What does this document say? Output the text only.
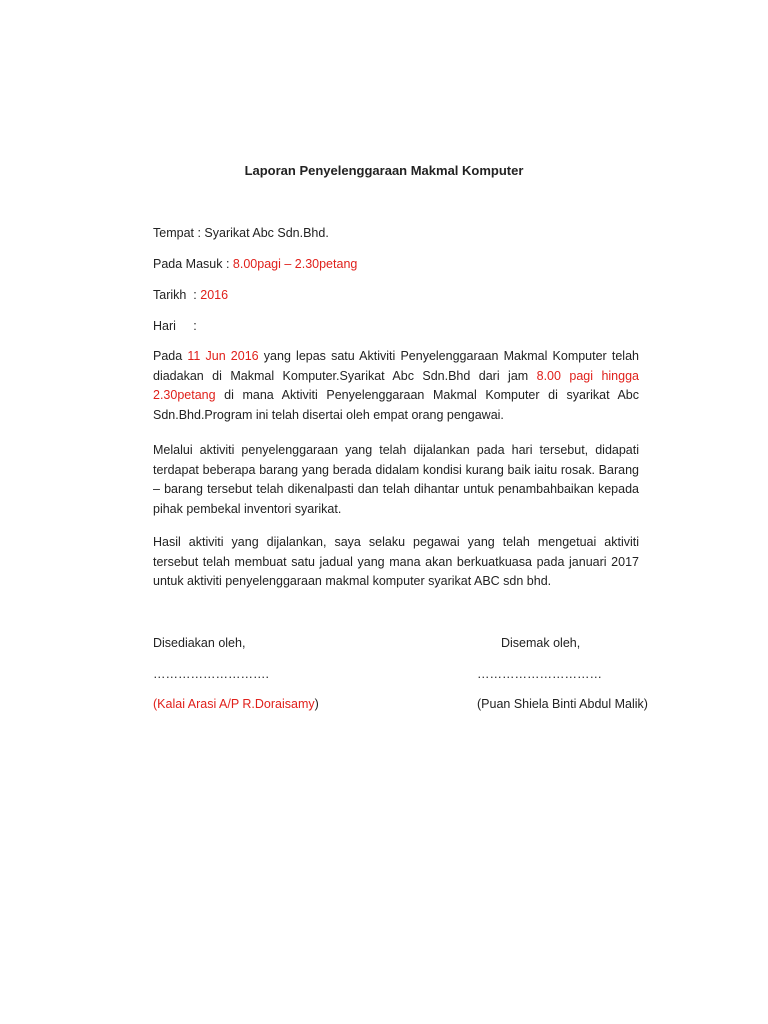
Laporan Penyelenggaraan Makmal Komputer
Tempat : Syarikat Abc Sdn.Bhd.
Pada Masuk : 8.00pagi – 2.30petang
Tarikh  : 2016
Hari     :

Pada 11 Jun 2016 yang lepas satu Aktiviti Penyelenggaraan Makmal Komputer telah diadakan di Makmal Komputer.Syarikat Abc Sdn.Bhd dari jam 8.00 pagi hingga 2.30petang di mana Aktiviti Penyelenggaraan Makmal Komputer di syarikat Abc Sdn.Bhd.Program ini telah disertai oleh empat orang pengawai.

Melalui aktiviti penyelenggaraan yang telah dijalankan pada hari tersebut, didapati terdapat beberapa barang yang berada didalam kondisi kurang baik iaitu rosak. Barang – barang tersebut telah dikenalpasti dan telah dihantar untuk penambahbaikan kepada pihak pembekal inventori syarikat.

Hasil aktiviti yang dijalankan, saya selaku pegawai yang telah mengetuai aktiviti tersebut telah membuat satu jadual yang mana akan berkuatkuasa pada januari 2017 untuk aktiviti penyelenggaraan makmal komputer syarikat ABC sdn bhd.

Disediakan oleh,
……………………….
(Kalai Arasi A/P R.Doraisamy)
Disemak oleh,
…………………………
(Puan Shiela Binti Abdul Malik)
